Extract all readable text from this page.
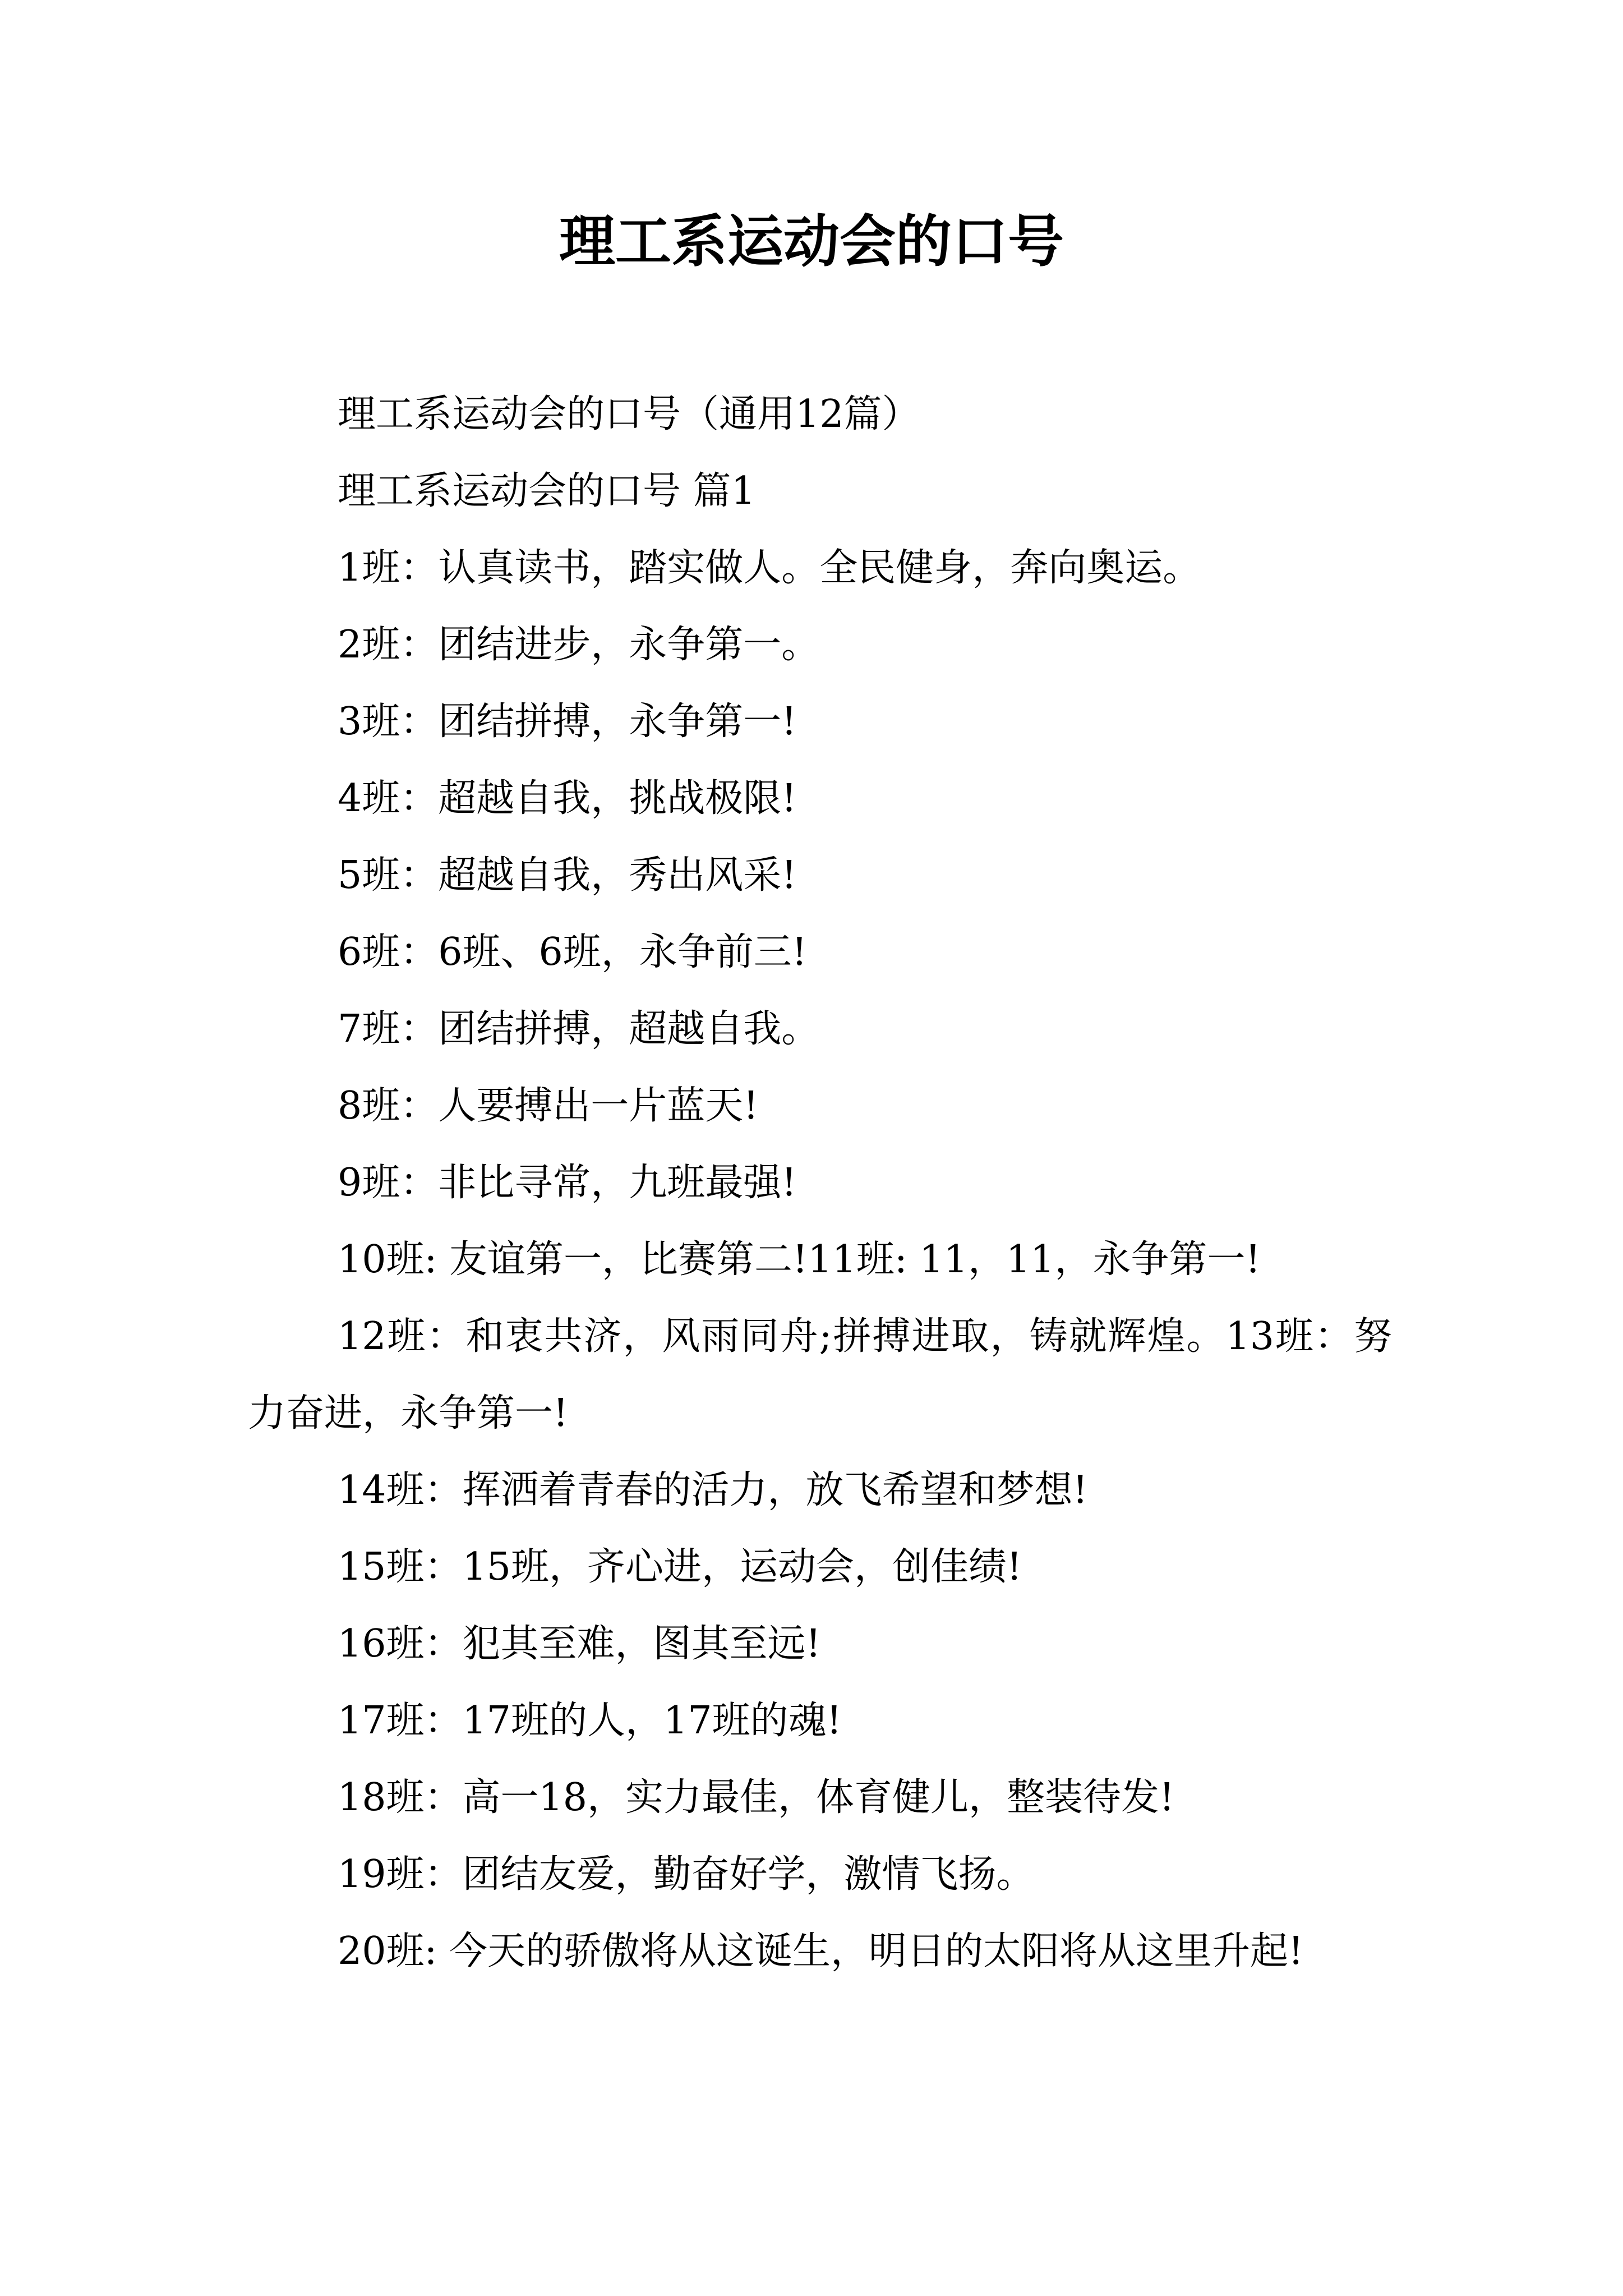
理工系运动会的口号

理工系运动会的口号（通用12篇）

理工系运动会的口号 篇1

1班：认真读书，踏实做人。全民健身，奔向奥运。

2班：团结进步，永争第一。

3班：团结拼搏，永争第一!

4班：超越自我，挑战极限!

5班：超越自我，秀出风采!

6班：6班、6班，永争前三!

7班：团结拼搏，超越自我。

8班：人要搏出一片蓝天!

9班：非比寻常，九班最强!

10班: 友谊第一，比赛第二!11班: 11，11，永争第一!

12班：和衷共济，风雨同舟;拼搏进取，铸就辉煌。13班：努力奋进，永争第一!

14班：挥洒着青春的活力，放飞希望和梦想!

15班：15班，齐心进，运动会，创佳绩!

16班：犯其至难，图其至远!

17班：17班的人，17班的魂!

18班：高一18，实力最佳，体育健儿，整装待发!

19班：团结友爱，勤奋好学，激情飞扬。

20班: 今天的骄傲将从这诞生，明日的太阳将从这里升起!
